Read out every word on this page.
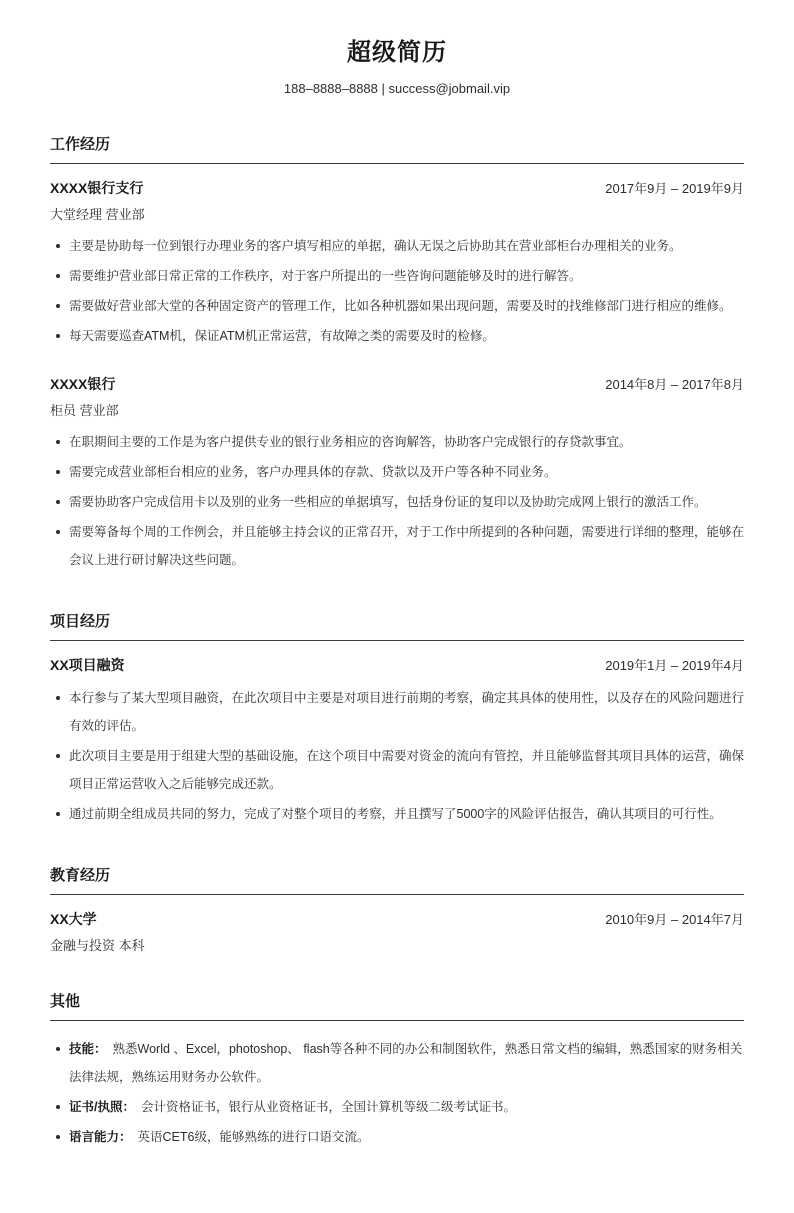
超级简历
188–8888–8888 | success@jobmail.vip
工作经历
XXXX银行支行	2017年9月 – 2019年9月
大堂经理 营业部
主要是协助每一位到银行办理业务的客户填写相应的单据，确认无误之后协助其在营业部柜台办理相关的业务。
需要维护营业部日常正常的工作秩序，对于客户所提出的一些咨询问题能够及时的进行解答。
需要做好营业部大堂的各种固定资产的管理工作，比如各种机器如果出现问题，需要及时的找维修部门进行相应的维修。
每天需要巡查ATM机，保证ATM机正常运营，有故障之类的需要及时的检修。
XXXX银行	2014年8月 – 2017年8月
柜员 营业部
在职期间主要的工作是为客户提供专业的银行业务相应的咨询解答，协助客户完成银行的存贷款事宜。
需要完成营业部柜台相应的业务，客户办理具体的存款、贷款以及开户等各种不同业务。
需要协助客户完成信用卡以及别的业务一些相应的单据填写，包括身份证的复印以及协助完成网上银行的激活工作。
需要筹备每个周的工作例会，并且能够主持会议的正常召开，对于工作中所提到的各种问题，需要进行详细的整理，能够在会议上进行研讨解决这些问题。
项目经历
XX项目融资	2019年1月 – 2019年4月
本行参与了某大型项目融资，在此次项目中主要是对项目进行前期的考察，确定其具体的使用性，以及存在的风险问题进行有效的评估。
此次项目主要是用于组建大型的基础设施，在这个项目中需要对资金的流向有管控，并且能够监督其项目具体的运营，确保项目正常运营收入之后能够完成还款。
通过前期全组成员共同的努力，完成了对整个项目的考察，并且撰写了5000字的风险评估报告，确认其项目的可行性。
教育经历
XX大学	2010年9月 – 2014年7月
金融与投资 本科
其他
技能： 熟悉World 、Excel，photoshop、 flash等各种不同的办公和制图软件，熟悉日常文档的编辑，熟悉国家的财务相关法律法规，熟练运用财务办公软件。
证书/执照： 会计资格证书，银行从业资格证书，全国计算机等级二级考试证书。
语言能力： 英语CET6级，能够熟练的进行口语交流。
